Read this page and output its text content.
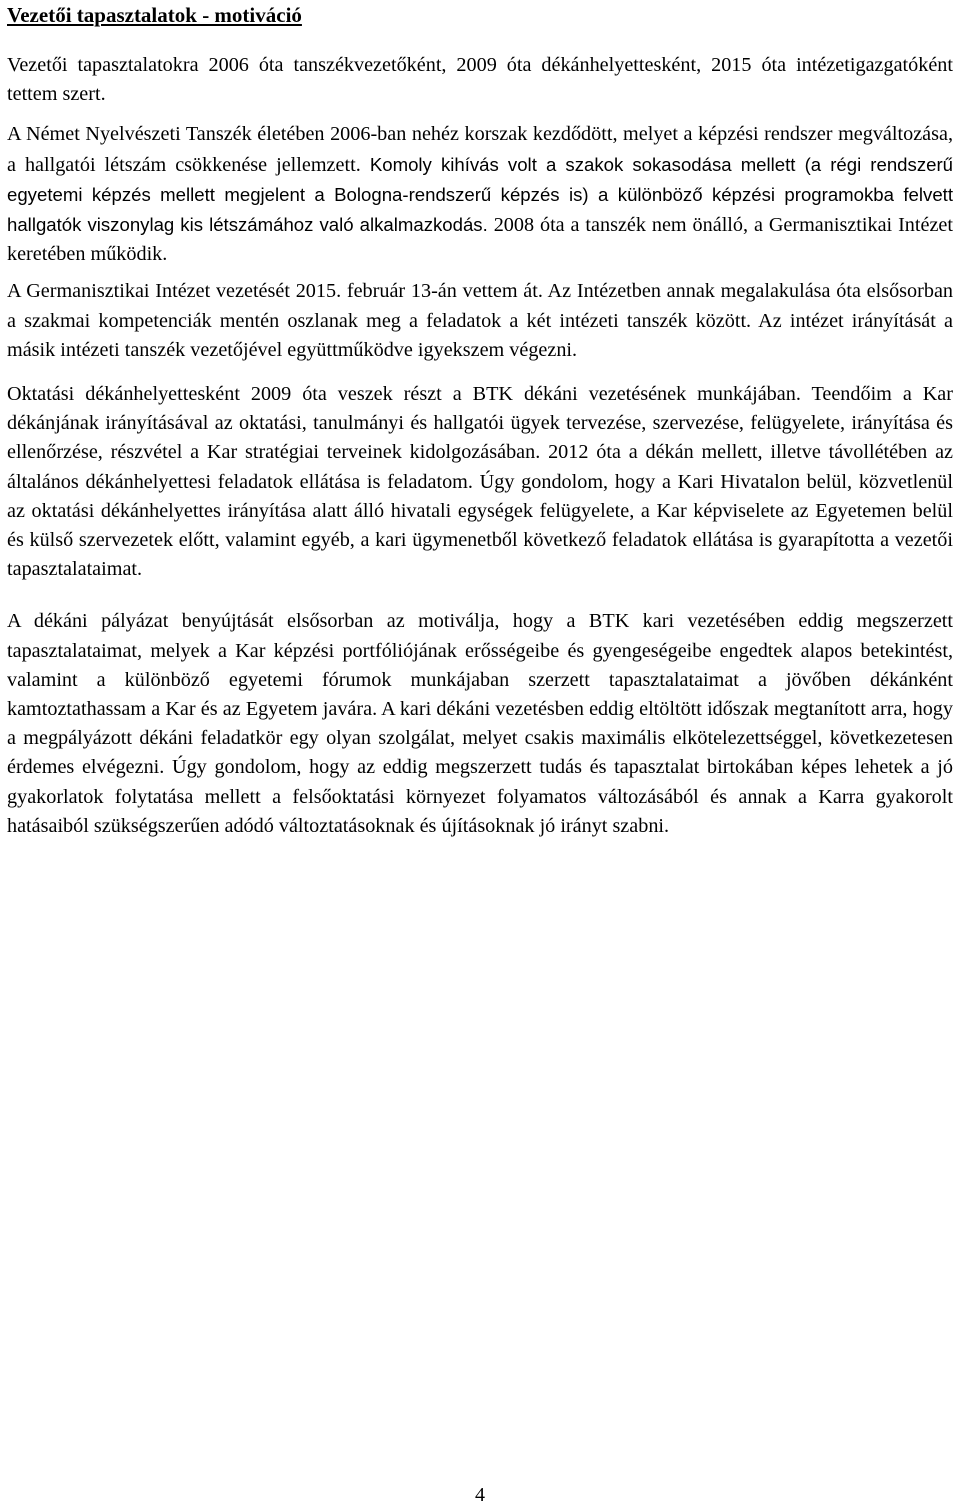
Vezetői tapasztalatok - motiváció

Vezetői tapasztalatokra 2006 óta tanszékvezetőként, 2009 óta dékánhelyettesként, 2015 óta intézetigazgatóként tettem szert.

A Német Nyelvészeti Tanszék életében 2006-ban nehéz korszak kezdődött, melyet a képzési rendszer megváltozása, a hallgatói létszám csökkenése jellemzett. Komoly kihívás volt a szakok sokasodása mellett (a régi rendszerű egyetemi képzés mellett megjelent a Bologna-rendszerű képzés is) a különböző képzési programokba felvett hallgatók viszonylag kis létszámához való alkalmazkodás. 2008 óta a tanszék nem önálló, a Germanisztikai Intézet keretében működik.

A Germanisztikai Intézet vezetését 2015. február 13-án vettem át. Az Intézetben annak megalakulása óta elsősorban a szakmai kompetenciák mentén oszlanak meg a feladatok a két intézeti tanszék között. Az intézet irányítását a másik intézeti tanszék vezetőjével együttműködve igyekszem végezni.

Oktatási dékánhelyettesként 2009 óta veszek részt a BTK dékáni vezetésének munkájában. Teendőim a Kar dékánjának irányításával az oktatási, tanulmányi és hallgatói ügyek tervezése, szervezése, felügyelete, irányítása és ellenőrzése, részvétel a Kar stratégiai terveinek kidolgozásában. 2012 óta a dékán mellett, illetve távollétében az általános dékánhelyettesi feladatok ellátása is feladatom. Úgy gondolom, hogy a Kari Hivatalon belül, közvetlenül az oktatási dékánhelyettes irányítása alatt álló hivatali egységek felügyelete, a Kar képviselete az Egyetemen belül és külső szervezetek előtt, valamint egyéb, a kari ügymenetből következő feladatok ellátása is gyarapította a vezetői tapasztalataimat.

A dékáni pályázat benyújtását elsősorban az motiválja, hogy a BTK kari vezetésében eddig megszerzett tapasztalataimat, melyek a Kar képzési portfóliójának erősségeibe és gyengeségeibe engedtek alapos betekintést, valamint a különböző egyetemi fórumok munkájaban szerzett tapasztalataimat a jövőben dékánként kamtoztathassam a Kar és az Egyetem javára. A kari dékáni vezetésben eddig eltöltött időszak megtanított arra, hogy a megpályázott dékáni feladatkör egy olyan szolgálat, melyet csakis maximális elkötelezettséggel, következetesen érdemes elvégezni. Úgy gondolom, hogy az eddig megszerzett tudás és tapasztalat birtokában képes lehetek a jó gyakorlatok folytatása mellett a felsőoktatási környezet folyamatos változásából és annak a Karra gyakorolt hatásaiból szükségszerűen adódó változtatásoknak és újításoknak jó irányt szabni.

4
